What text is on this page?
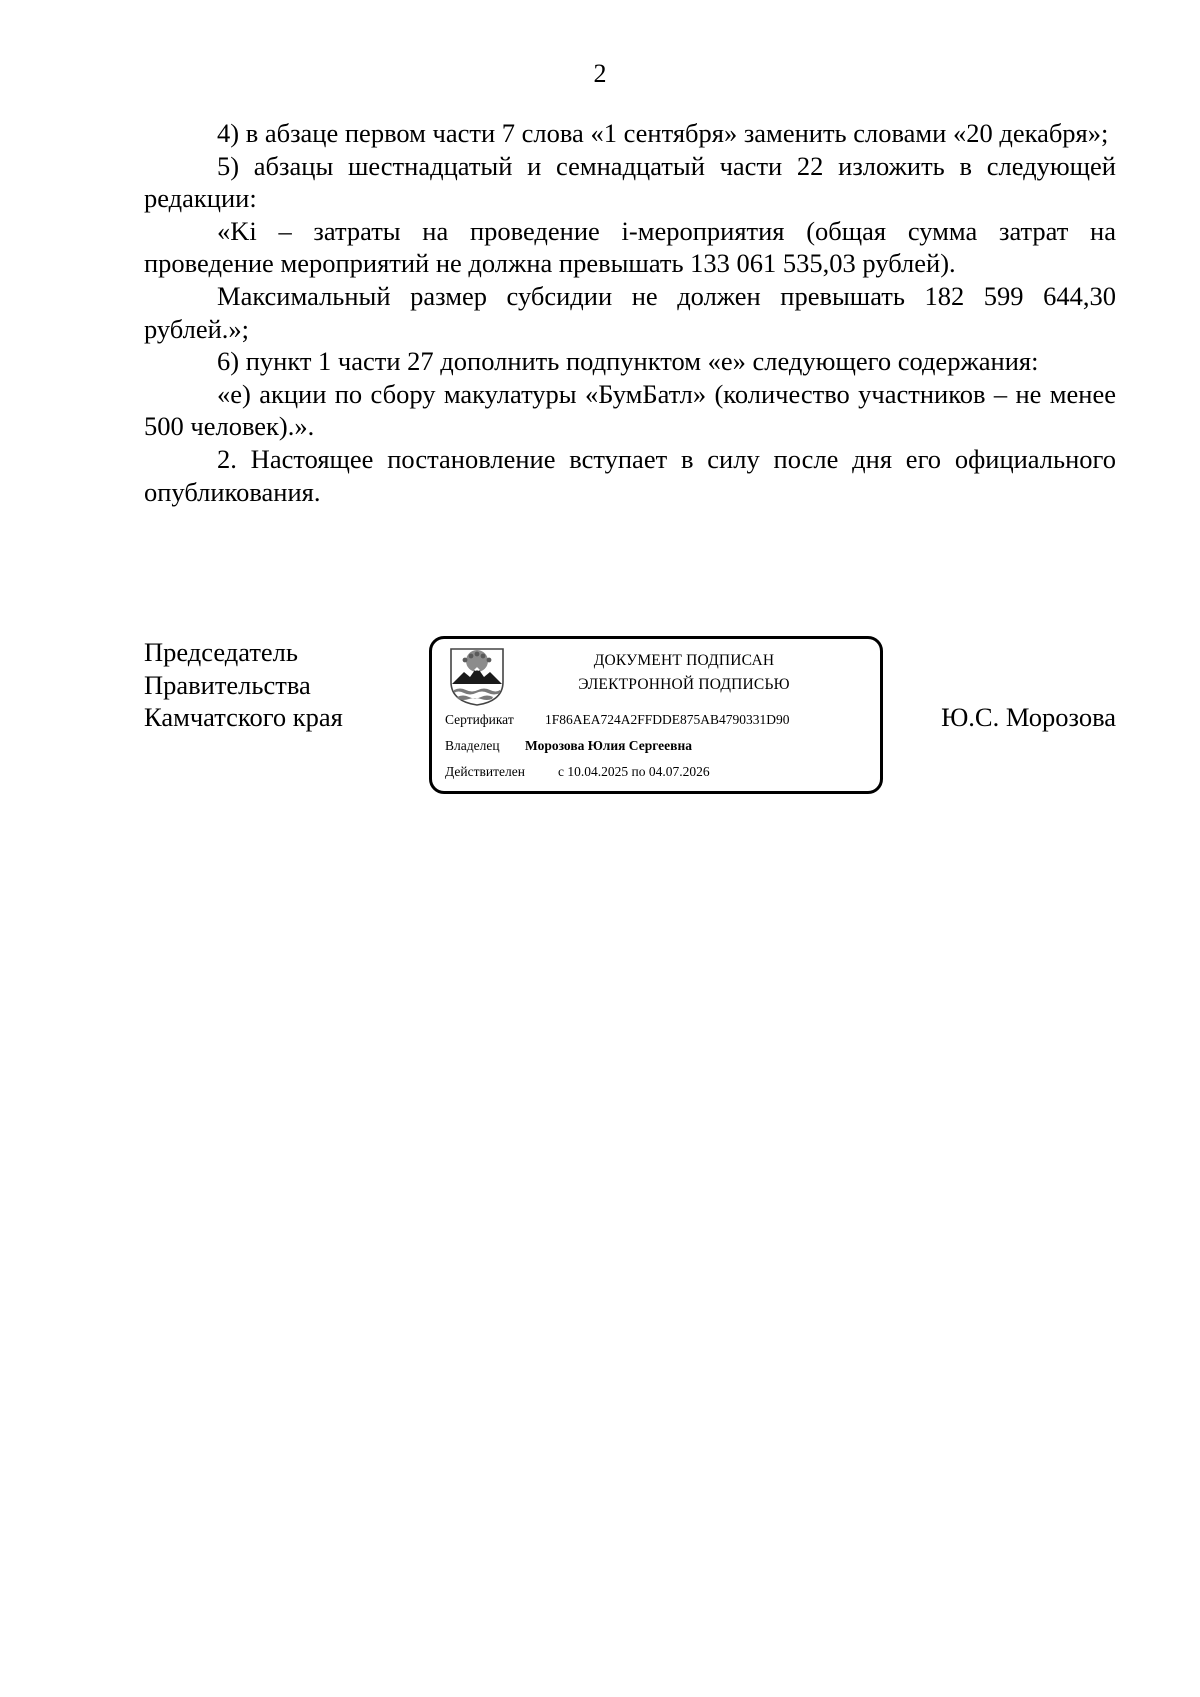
2

4) в абзаце первом части 7 слова «1 сентября» заменить словами «20 декабря»;

5) абзацы шестнадцатый и семнадцатый части 22 изложить в следующей редакции:

«Ki – затраты на проведение i-мероприятия (общая сумма затрат на проведение мероприятий не должна превышать 133 061 535,03 рублей).

Максимальный размер субсидии не должен превышать 182 599 644,30 рублей.»;

6) пункт 1 части 27 дополнить подпунктом «е» следующего содержания:

«е) акции по сбору макулатуры «БумБатл» (количество участников – не менее 500 человек).».

2. Настоящее постановление вступает в силу после дня его официального опубликования.

Председатель
Правительства
Камчатского края
ДОКУМЕНТ ПОДПИСАН
ЭЛЕКТРОННОЙ ПОДПИСЬЮ
Сертификат 1F86AEA724A2FFDDE875AB4790331D90
Владелец Морозова Юлия Сергеевна
Действителен с 10.04.2025 по 04.07.2026
Ю.С. Морозова
